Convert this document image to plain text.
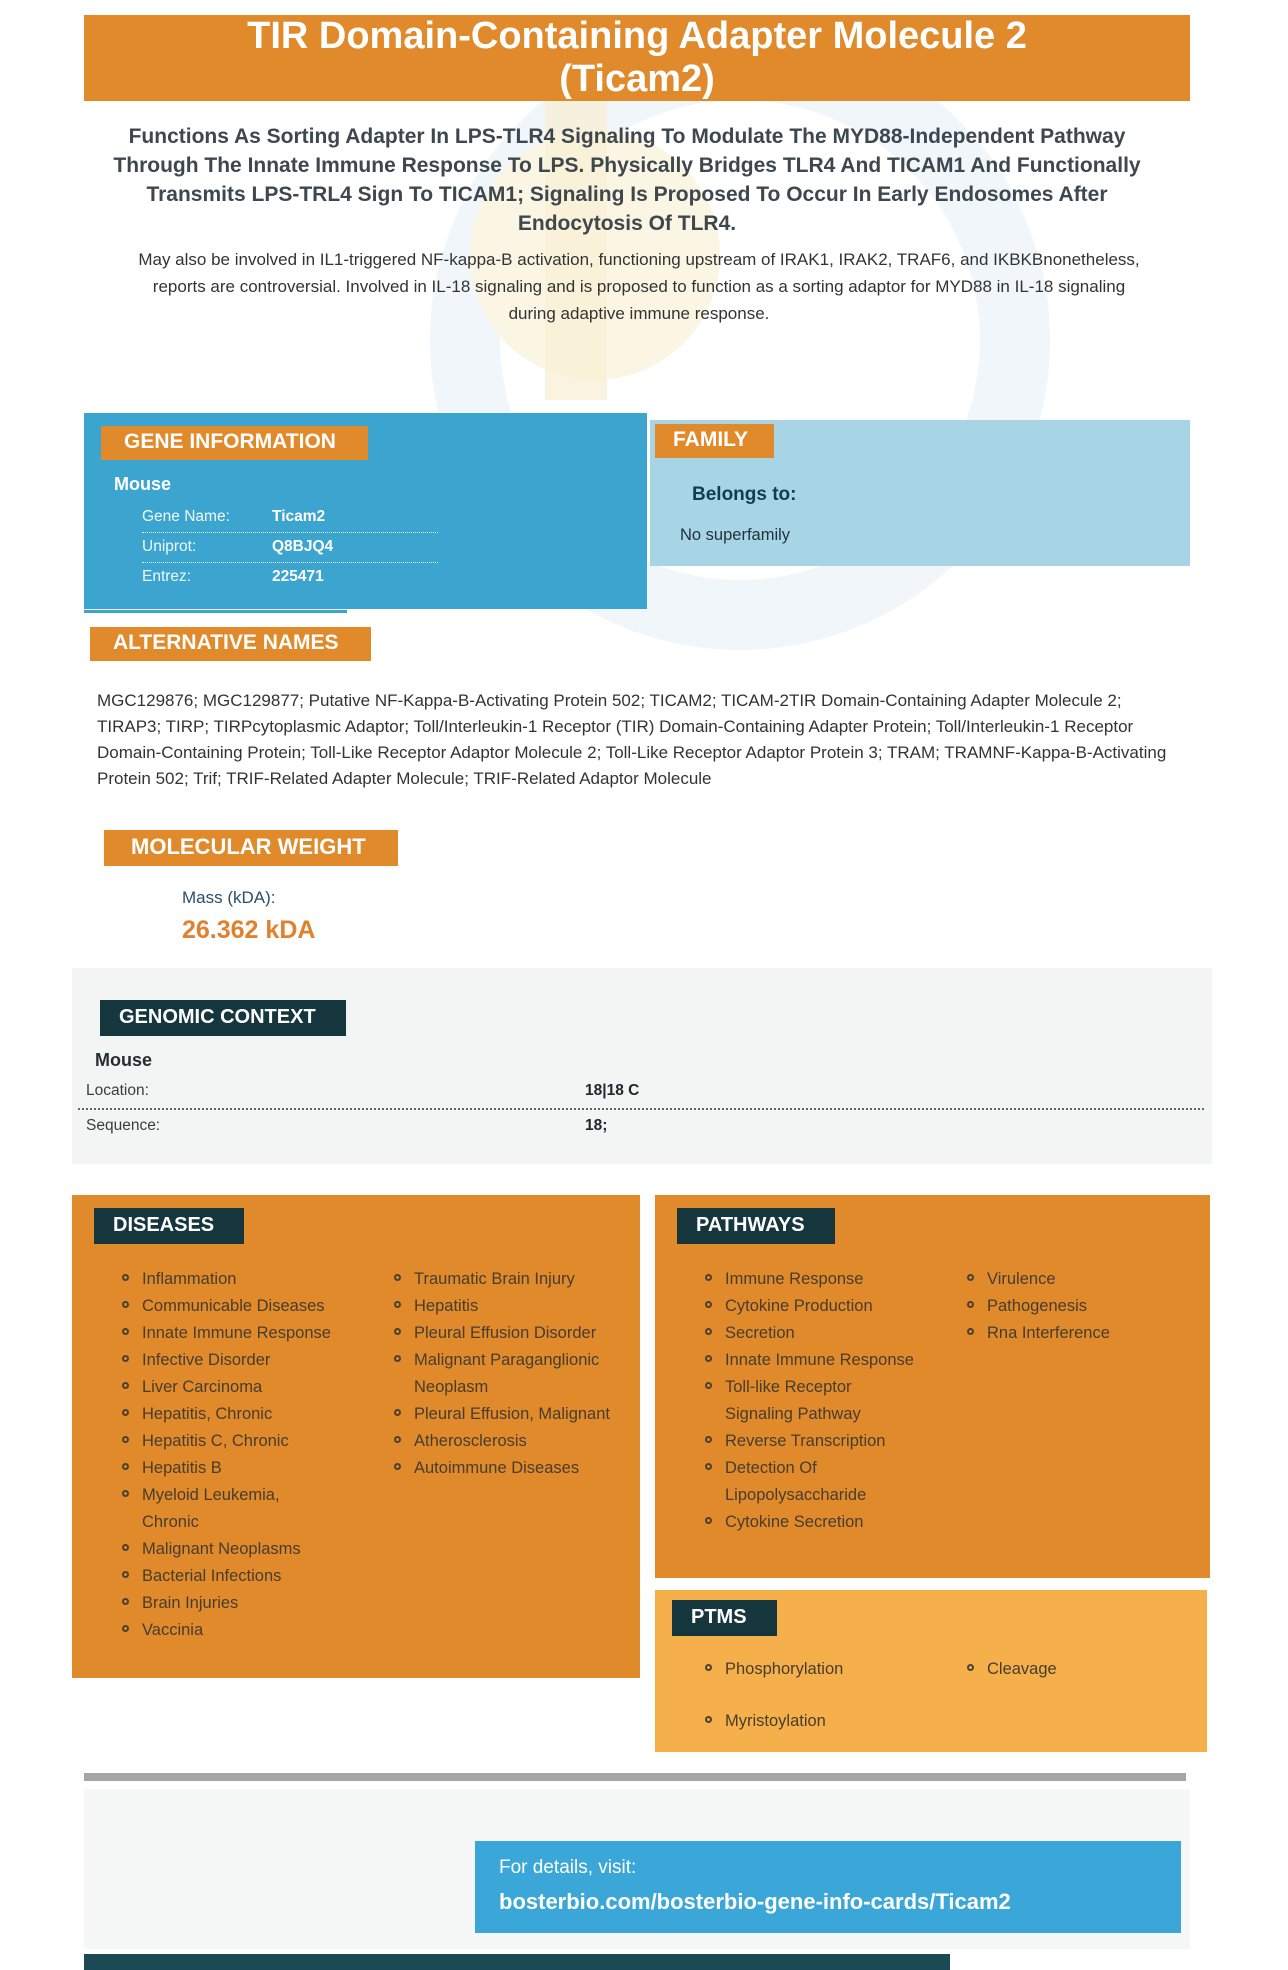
TIR Domain-Containing Adapter Molecule 2
(Ticam2)
Functions As Sorting Adapter In LPS-TLR4 Signaling To Modulate The MYD88-Independent Pathway Through The Innate Immune Response To LPS. Physically Bridges TLR4 And TICAM1 And Functionally Transmits LPS-TRL4 Sign To TICAM1; Signaling Is Proposed To Occur In Early Endosomes After Endocytosis Of TLR4.
May also be involved in IL1-triggered NF-kappa-B activation, functioning upstream of IRAK1, IRAK2, TRAF6, and IKBKBnonetheless, reports are controversial. Involved in IL-18 signaling and is proposed to function as a sorting adaptor for MYD88 in IL-18 signaling during adaptive immune response.
GENE INFORMATION
Mouse
Gene Name:	Ticam2
Uniprot:	Q8BJQ4
Entrez:	225471
FAMILY
Belongs to:
No superfamily
ALTERNATIVE NAMES
MGC129876; MGC129877; Putative NF-Kappa-B-Activating Protein 502; TICAM2; TICAM-2TIR Domain-Containing Adapter Molecule 2; TIRAP3; TIRP; TIRPcytoplasmic Adaptor; Toll/Interleukin-1 Receptor (TIR) Domain-Containing Adapter Protein; Toll/Interleukin-1 Receptor Domain-Containing Protein; Toll-Like Receptor Adaptor Molecule 2; Toll-Like Receptor Adaptor Protein 3; TRAM; TRAMNF-Kappa-B-Activating Protein 502; Trif; TRIF-Related Adapter Molecule; TRIF-Related Adaptor Molecule
MOLECULAR WEIGHT
Mass (kDA):
26.362 kDA
GENOMIC CONTEXT
Mouse
Location:	18|18 C
Sequence:	18;
DISEASES
Inflammation
Communicable Diseases
Innate Immune Response
Infective Disorder
Liver Carcinoma
Hepatitis, Chronic
Hepatitis C, Chronic
Hepatitis B
Myeloid Leukemia, Chronic
Malignant Neoplasms
Bacterial Infections
Brain Injuries
Vaccinia
Traumatic Brain Injury
Hepatitis
Pleural Effusion Disorder
Malignant Paraganglionic Neoplasm
Pleural Effusion, Malignant
Atherosclerosis
Autoimmune Diseases
PATHWAYS
Immune Response
Cytokine Production
Secretion
Innate Immune Response
Toll-like Receptor Signaling Pathway
Reverse Transcription
Detection Of Lipopolysaccharide
Cytokine Secretion
Virulence
Pathogenesis
Rna Interference
PTMS
Phosphorylation
Myristoylation
Cleavage
For details, visit:
bosterbio.com/bosterbio-gene-info-cards/Ticam2
